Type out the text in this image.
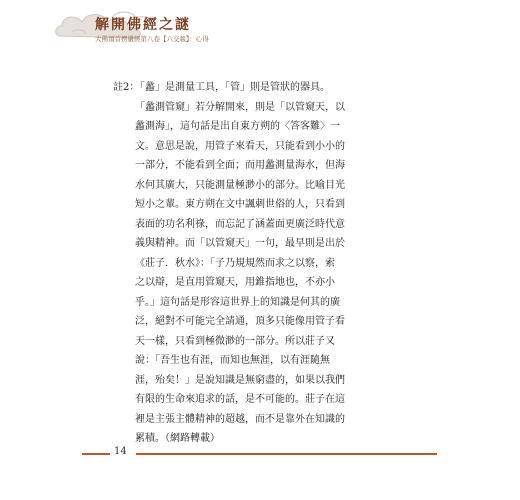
解開佛經之謎
大佛頂首楞嚴經第八卷【六交報】：心得
註2：
「蠡」是測量工具，「管」則是管狀的器具。
「蠡測管窺」若分解開來，則是「以管窺天，以
蠡測海」，這句話是出自東方朔的〈答客難〉一
文。意思是說，用管子來看天，只能看到小小的
一部分，不能看到全面；而用蠡測量海水，但海
水何其廣大，只能測量極渺小的部分。比喻目光
短小之輩。東方朔在文中諷刺世俗的人，只看到
表面的功名利祿，而忘記了涵蓋面更廣泛時代意
義與精神。而「以管窺天」一句，最早則是出於
《莊子．秋水》：「子乃規規然而求之以察，索
之以辯，是直用管窺天，用錐指地也，不亦小
乎。」這句話是形容這世界上的知識是何其的廣
泛，絕對不可能完全請通，頂多只能像用管子看
天一樣，只看到極微渺的一部分。所以莊子又
說：「吾生也有涯，而知也無涯，以有涯隨無
涯，殆矣！」是說知識是無窮盡的，如果以我們
有限的生命來追求的話，是不可能的。莊子在這
裡是主張主體精神的超越，而不是靠外在知識的
累積。（網路轉載）
14
